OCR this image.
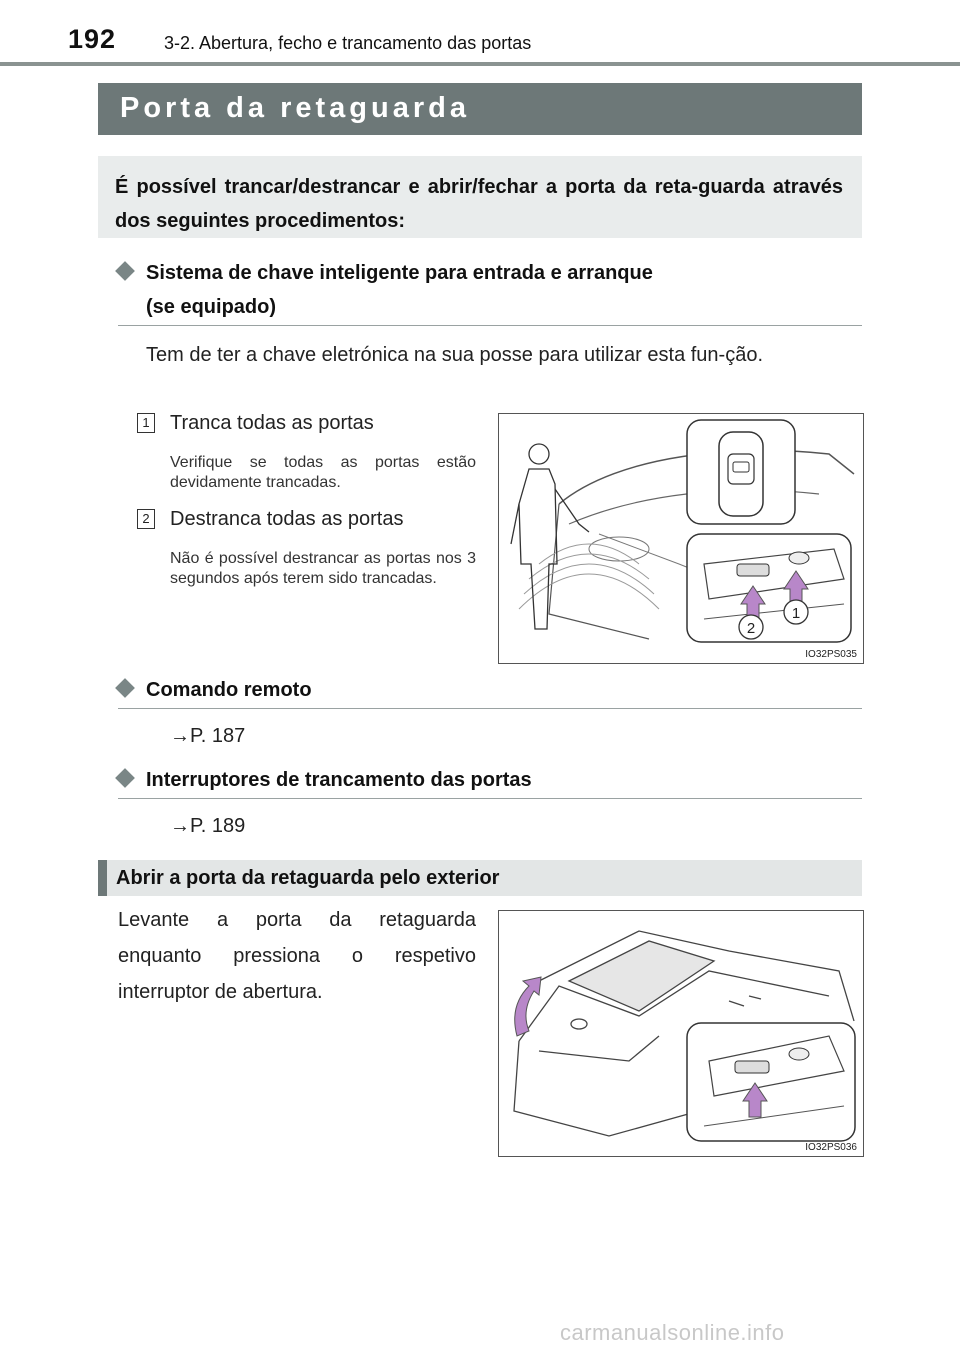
192	3-2. Abertura, fecho e trancamento das portas
Porta da retaguarda
É possível trancar/destrancar e abrir/fechar a porta da reta-guarda através dos seguintes procedimentos:
Sistema de chave inteligente para entrada e arranque
(se equipado)
Tem de ter a chave eletrónica na sua posse para utilizar esta fun-ção.
1 Tranca todas as portas
Verifique se todas as portas estão devidamente trancadas.
2 Destranca todas as portas
Não é possível destrancar as portas nos 3 segundos após terem sido trancadas.
1
2
IO32PS035
Comando remoto
→P. 187
Interruptores de trancamento das portas
→P. 189
Abrir a porta da retaguarda pelo exterior
Levante a porta da retaguarda enquanto pressiona o respetivo interruptor de abertura.
IO32PS036
carmanualsonline.info
